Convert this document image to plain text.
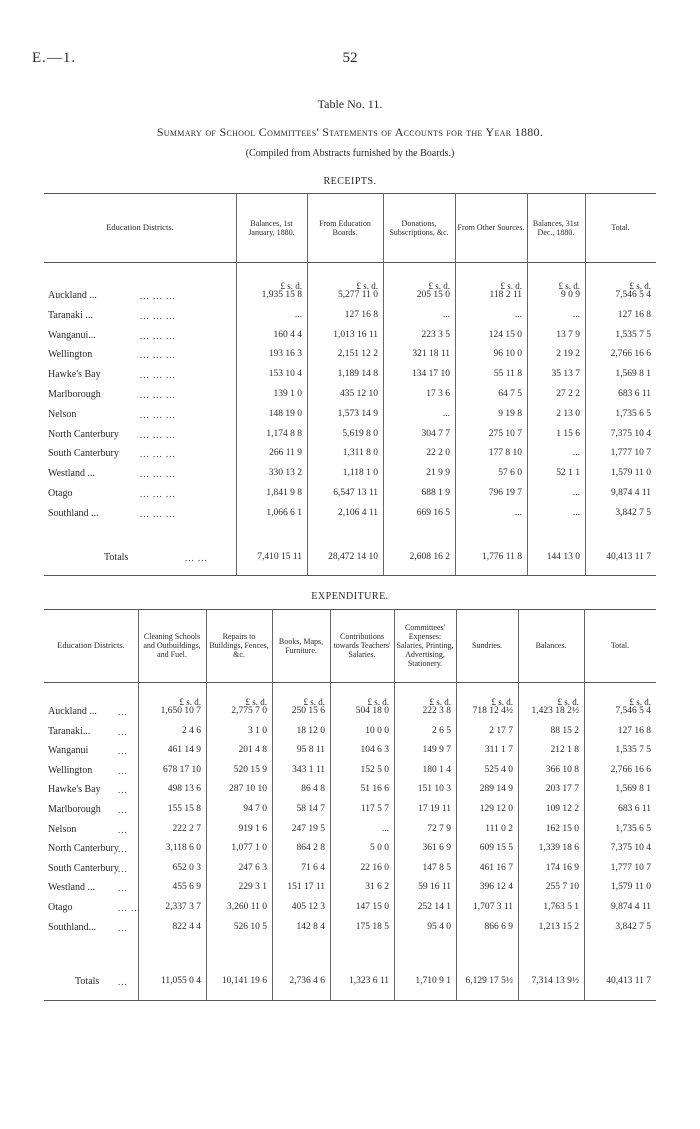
E.—1.	52
Table No. 11.
Summary of School Committees' Statements of Accounts for the Year 1880.
(Compiled from Abstracts furnished by the Boards.)
RECEIPTS.
Education Districts.	Balances, 1st January, 1880.
From Education Boards.
Donations, Subscriptions, &c.	From Other Sources.	Balances, 31st Dec., 1880.	Total.
£ s. d.	£ s. d.	£ s. d.	£ s. d.	£ s. d.	£ s. d.
Auckland ...	... ... ...	1,935 15 8	5,277 11 0	205 15 0	118 2 11	9 0 9	7,546 5 4
Taranaki ...	... ... ...	...	127 16 8	...	...	...	127 16 8
Wanganui...	... ... ...	160 4 4	1,013 16 11	223 3 5	124 15 0	13 7 9	1,535 7 5
Wellington	... ... ...	193 16 3	2,151 12 2	321 18 11	96 10 0	2 19 2	2,766 16 6
Hawke's Bay	... ... ...	153 10 4	1,189 14 8	134 17 10	55 11 8	35 13 7	1,569 8 1
Marlborough	... ... ...	139 1 0	435 12 10	17 3 6	64 7 5	27 2 2	683 6 11
Nelson	... ... ...	148 19 0	1,573 14 9	...	9 19 8	2 13 0	1,735 6 5
North Canterbury ... ... ...	1,174 8 8	5,619 8 0	304 7 7	275 10 7	1 15 6	7,375 10 4
South Canterbury ... ... ...	266 11 9	1,311 8 0	22 2 0	177 8 10	...	1,777 10 7
Westland ...	... ... ...	330 13 2	1,118 1 0	21 9 9	57 6 0	52 1 1	1,579 11 0
Otago	... ... ...	1,841 9 8	6,547 13 11	688 1 9	796 19 7	...	9,874 4 11
Southland ...	... ... ...	1,066 6 1	2,106 4 11	669 16 5	...	...	3,842 7 5
Totals	... ...	7,410 15 11	28,472 14 10	2,608 16 2	1,776 11 8	144 13 0	40,413 11 7
EXPENDITURE.
Education Districts.
Cleaning Schools and Outbuildings, and Fuel.
Repairs to Buildings, Fences, &c.
Books, Maps, Furniture.
Contributions towards Teachers' Salaries.
Committees' Expenses: Salaries, Printing, Advertising, Stationery.
Sundries.	Balances.	Total.
£ s. d.	£ s. d.	£ s. d.	£ s. d.	£ s. d.	£ s. d.	£ s. d.	£ s. d.
Auckland ... ...	1,650 10 7	2,775 7 0	250 15 6	504 18 0	222 3 8	718 12 4½	1,423 18 2½	7,546 5 4
Taranaki...	...	2 4 6	3 1 0	18 12 0	10 0 0	2 6 5	2 17 7	88 15 2	127 16 8
Wanganui	...	461 14 9	201 4 8	95 8 11	104 6 3	149 9 7	311 1 7	212 1 8	1,535 7 5
Wellington	...	678 17 10	520 15 9	343 1 11	152 5 0	180 1 4	525 4 0	366 10 8	2,766 16 6
Hawke's Bay ...	498 13 6	287 10 10	86 4 8	51 16 6	151 10 3	289 14 9	203 17 7	1,569 8 1
Marlborough ...	155 15 8	94 7 0	58 14 7	117 5 7	17 19 11	129 12 0	109 12 2	683 6 11
Nelson	...	222 2 7	919 1 6	247 19 5	...	72 7 9	111 0 2	162 15 0	1,735 6 5
North Canterbury ...	3,118 6 0	1,077 1 0	864 2 8	5 0 0	361 6 9	609 15 5	1,339 18 6	7,375 10 4
South Canterbury ...	652 0 3	247 6 3	71 6 4	22 16 0	147 8 5	461 16 7	174 16 9	1,777 10 7
Westland ...	...	455 6 9	229 3 1	151 17 11	31 6 2	59 16 11	396 12 4	255 7 10	1,579 11 0
Otago	... ...	2,337 3 7	3,260 11 0	405 12 3	147 15 0	252 14 1	1,707 3 11	1,763 5 1	9,874 4 11
Southland... ...	822 4 4	526 10 5	142 8 4	175 18 5	95 4 0	866 6 9	1,213 15 2	3,842 7 5
Totals ...	11,055 0 4	10,141 19 6	2,736 4 6	1,323 6 11	1,710 9 1	6,129 17 5½	7,314 13 9½	40,413 11 7
